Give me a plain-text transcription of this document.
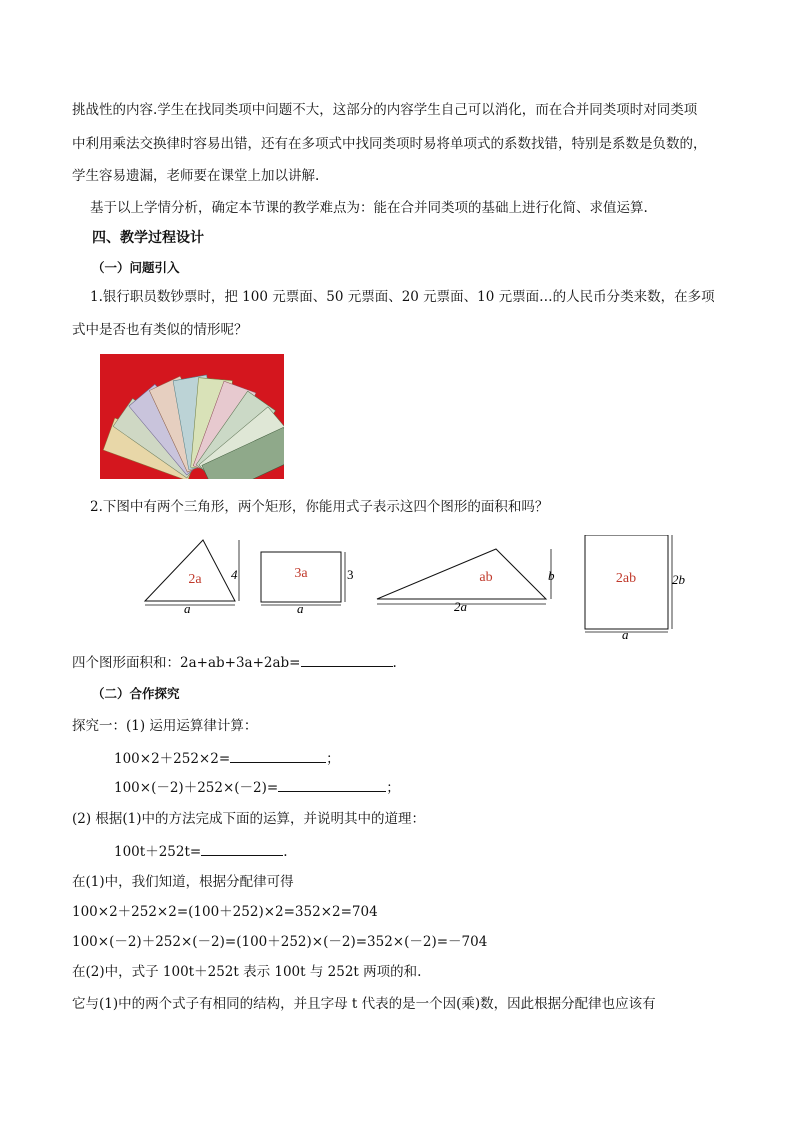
挑战性的内容.学生在找同类项中问题不大，这部分的内容学生自己可以消化，而在合并同类项时对同类项
中利用乘法交换律时容易出错，还有在多项式中找同类项时易将单项式的系数找错，特别是系数是负数的，
学生容易遗漏，老师要在课堂上加以讲解.
基于以上学情分析，确定本节课的教学难点为：能在合并同类项的基础上进行化简、求值运算.
四、教学过程设计
（一）问题引入
1.银行职员数钞票时，把 100 元票面、50 元票面、20 元票面、10 元票面…的人民币分类来数，在多项
式中是否也有类似的情形呢？
2.下图中有两个三角形，两个矩形，你能用式子表示这四个图形的面积和吗？
2a 4
a
3a	3
a
ab	b
2a
2ab	2b
a
四个图形面积和：2a+ab+3a+2ab=	.
（二）合作探究
探究一：(1) 运用运算律计算：
100×2＋252×2=	；
100×(－2)＋252×(－2)=	；
(2) 根据(1)中的方法完成下面的运算，并说明其中的道理：
100t＋252t=	.
在(1)中，我们知道，根据分配律可得
100×2＋252×2=(100＋252)×2=352×2=704
100×(－2)＋252×(－2)=(100＋252)×(－2)=352×(－2)=－704
在(2)中，式子 100t＋252t 表示 100t 与 252t 两项的和.
它与(1)中的两个式子有相同的结构，并且字母 t 代表的是一个因(乘)数，因此根据分配律也应该有
